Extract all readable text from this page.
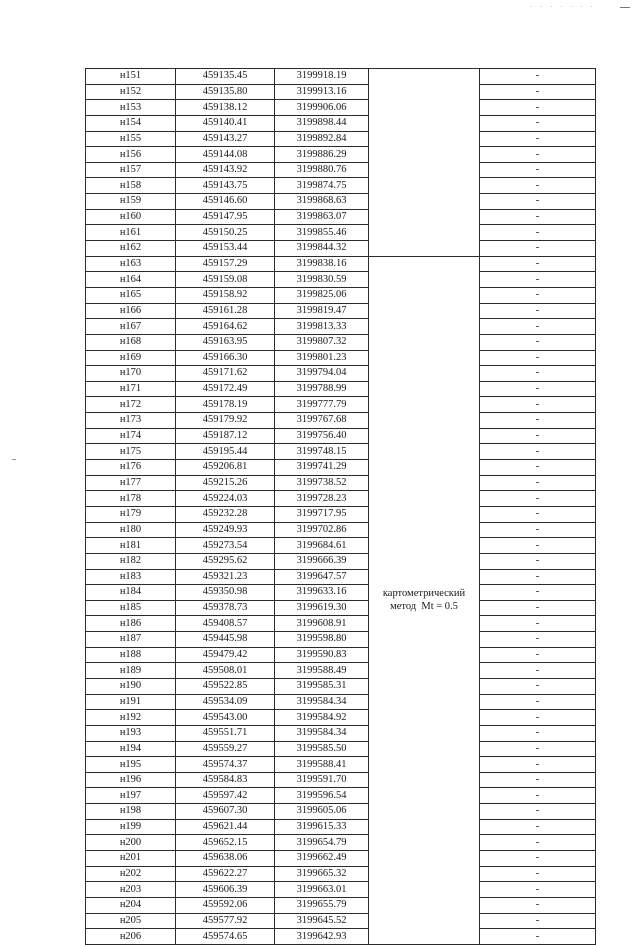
· · · · · · ·
н151	459135.45	3199918.19		-
н152	459135.80	3199913.16		-
н153	459138.12	3199906.06		-
н154	459140.41	3199898.44		-
н155	459143.27	3199892.84		-
н156	459144.08	3199886.29		-
н157	459143.92	3199880.76		-
н158	459143.75	3199874.75		-
н159	459146.60	3199868.63		-
н160	459147.95	3199863.07		-
н161	459150.25	3199855.46		-
н162	459153.44	3199844.32		-
н163	459157.29	3199838.16	картометрический
метод  Mt = 0.5	-
н164	459159.08	3199830.59		-
н165	459158.92	3199825.06		-
н166	459161.28	3199819.47		-
н167	459164.62	3199813.33		-
н168	459163.95	3199807.32		-
н169	459166.30	3199801.23		-
н170	459171.62	3199794.04		-
н171	459172.49	3199788.99		-
н172	459178.19	3199777.79		-
н173	459179.92	3199767.68		-
н174	459187.12	3199756.40		-
н175	459195.44	3199748.15		-
н176	459206.81	3199741.29		-
н177	459215.26	3199738.52		-
н178	459224.03	3199728.23		-
н179	459232.28	3199717.95		-
н180	459249.93	3199702.86		-
н181	459273.54	3199684.61		-
н182	459295.62	3199666.39		-
н183	459321.23	3199647.57		-
н184	459350.98	3199633.16		-
н185	459378.73	3199619.30		-
н186	459408.57	3199608.91		-
н187	459445.98	3199598.80		-
н188	459479.42	3199590.83		-
н189	459508.01	3199588.49		-
н190	459522.85	3199585.31		-
н191	459534.09	3199584.34		-
н192	459543.00	3199584.92		-
н193	459551.71	3199584.34		-
н194	459559.27	3199585.50		-
н195	459574.37	3199588.41		-
н196	459584.83	3199591.70		-
н197	459597.42	3199596.54		-
н198	459607.30	3199605.06		-
н199	459621.44	3199615.33		-
н200	459652.15	3199654.79		-
н201	459638.06	3199662.49		-
н202	459622.27	3199665.32		-
н203	459606.39	3199663.01		-
н204	459592.06	3199655.79		-
н205	459577.92	3199645.52		-
н206	459574.65	3199642.93		-
